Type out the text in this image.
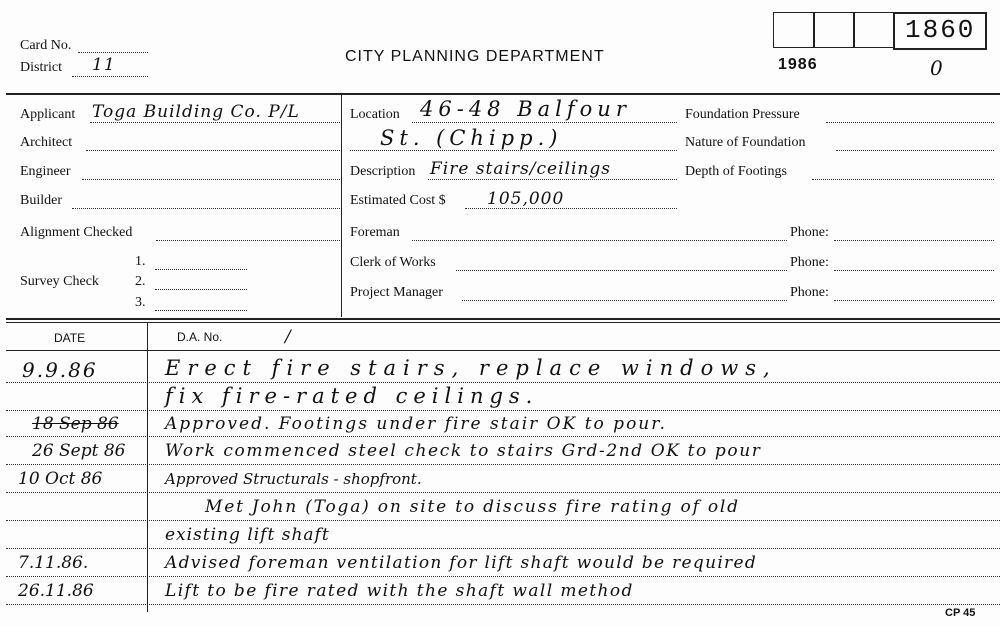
Card No.
District 11	CITY PLANNING DEPARTMENT	1986
1860
0
Applicant Toga Building Co. P/L
Architect
Engineer
Builder
Alignment Checked
Survey Check
1.
2.
3.
Location 46-48 Balfour
St. (Chipp.)
Description Fire stairs/ceilings
Estimated Cost $ 105,000
Foreman
Clerk of Works
Project Manager
Foundation Pressure
Nature of Foundation
Depth of Footings
Phone:
Phone:
Phone:
DATE	D.A. No.	/
9.9.86	Erect fire stairs, replace windows,
fix fire-rated ceilings.
18 Sep 86	Approved. Footings under fire stair OK to pour.
26 Sept 86 Work commenced steel check to stairs Grd-2nd OK to pour
10 Oct 86	Approved Structurals - shopfront.
Met John (Toga) on site to discuss fire rating of old
existing lift shaft
7.11.86.	Advised foreman ventilation for lift shaft would be required
26.11.86	Lift to be fire rated with the shaft wall method
CP 45
